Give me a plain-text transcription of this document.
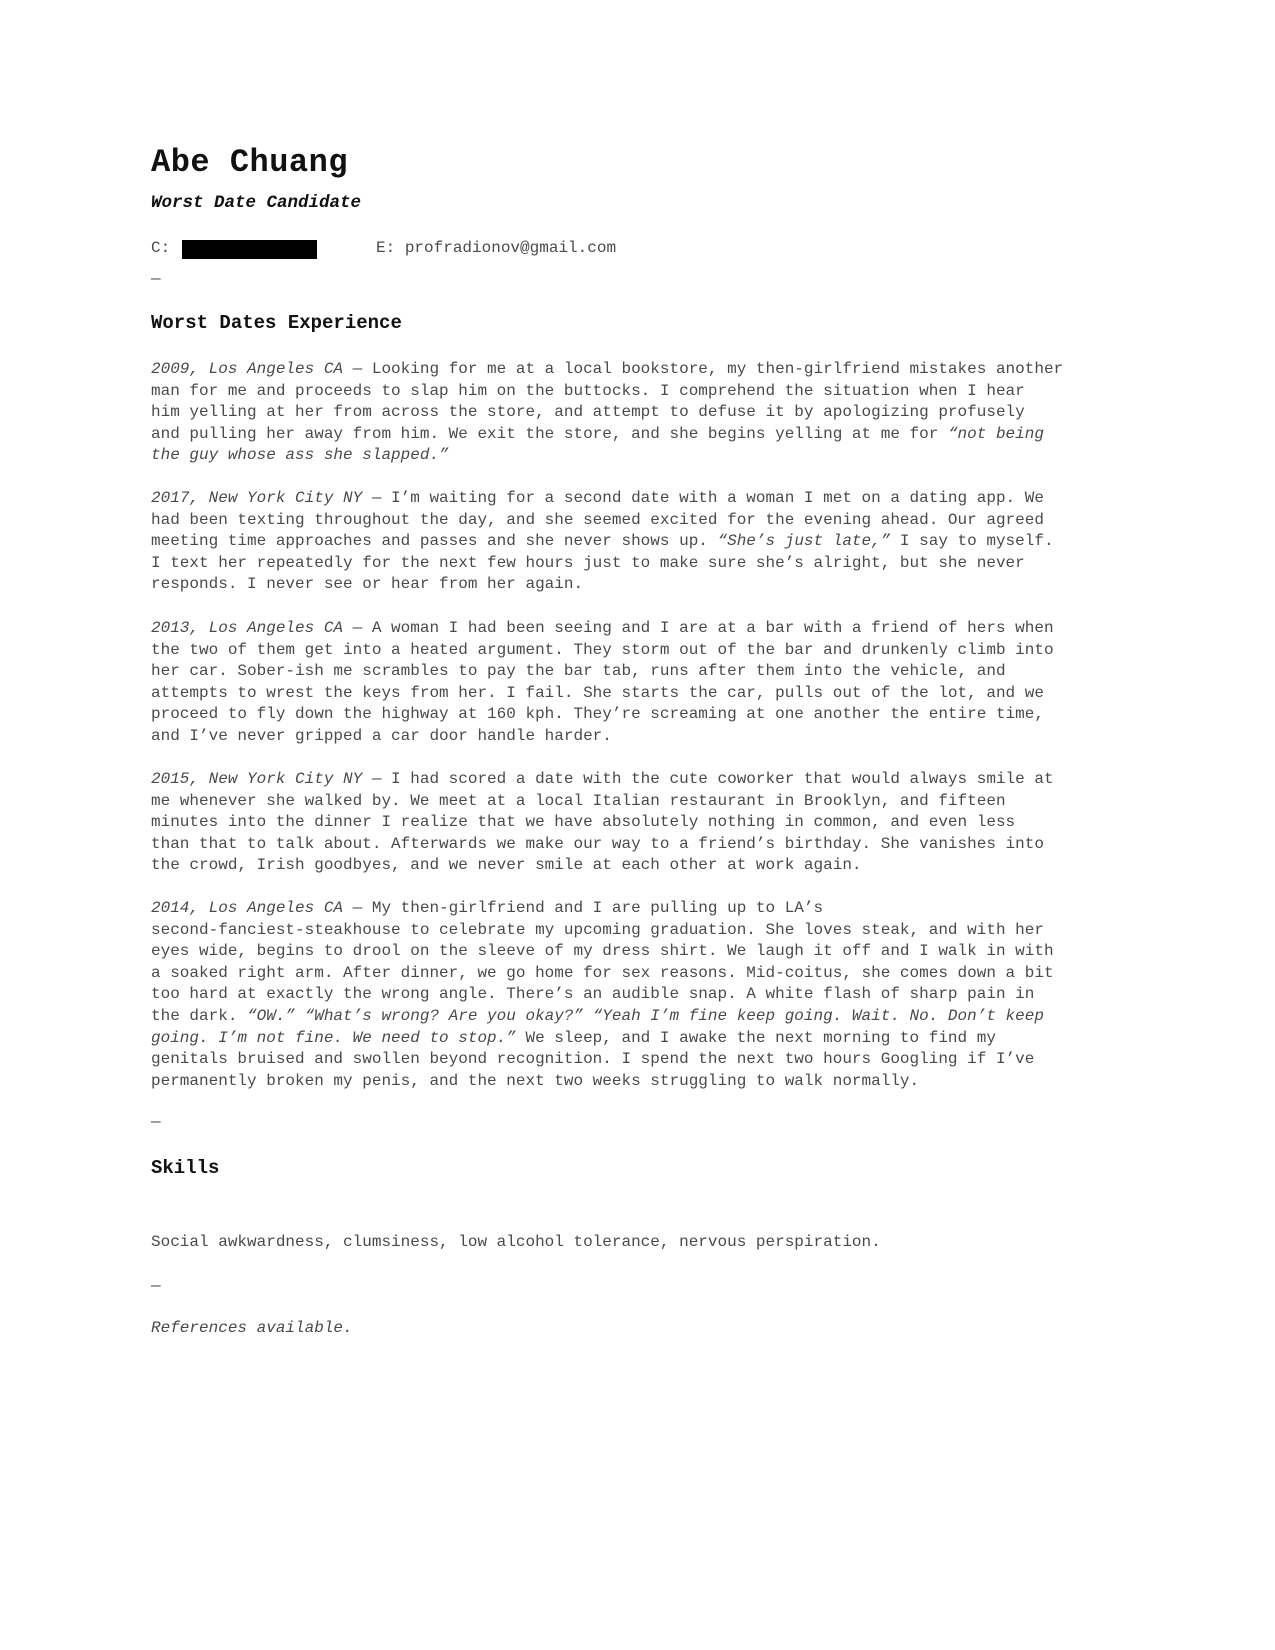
Abe Chuang
Worst Date Candidate
C:	E: profradionov@gmail.com
—
Worst Dates Experience

2009, Los Angeles CA — Looking for me at a local bookstore, my then-girlfriend mistakes another
man for me and proceeds to slap him on the buttocks. I comprehend the situation when I hear
him yelling at her from across the store, and attempt to defuse it by apologizing profusely
and pulling her away from him. We exit the store, and she begins yelling at me for “not being
the guy whose ass she slapped.”

2017, New York City NY — I’m waiting for a second date with a woman I met on a dating app. We
had been texting throughout the day, and she seemed excited for the evening ahead. Our agreed
meeting time approaches and passes and she never shows up. “She’s just late,” I say to myself.
I text her repeatedly for the next few hours just to make sure she’s alright, but she never
responds. I never see or hear from her again.

2013, Los Angeles CA — A woman I had been seeing and I are at a bar with a friend of hers when
the two of them get into a heated argument. They storm out of the bar and drunkenly climb into
her car. Sober-ish me scrambles to pay the bar tab, runs after them into the vehicle, and
attempts to wrest the keys from her. I fail. She starts the car, pulls out of the lot, and we
proceed to fly down the highway at 160 kph. They’re screaming at one another the entire time,
and I’ve never gripped a car door handle harder.

2015, New York City NY — I had scored a date with the cute coworker that would always smile at
me whenever she walked by. We meet at a local Italian restaurant in Brooklyn, and fifteen
minutes into the dinner I realize that we have absolutely nothing in common, and even less
than that to talk about. Afterwards we make our way to a friend’s birthday. She vanishes into
the crowd, Irish goodbyes, and we never smile at each other at work again.

2014, Los Angeles CA — My then-girlfriend and I are pulling up to LA’s
second-fanciest-steakhouse to celebrate my upcoming graduation. She loves steak, and with her
eyes wide, begins to drool on the sleeve of my dress shirt. We laugh it off and I walk in with
a soaked right arm. After dinner, we go home for sex reasons. Mid-coitus, she comes down a bit
too hard at exactly the wrong angle. There’s an audible snap. A white flash of sharp pain in
the dark. “OW.” “What’s wrong? Are you okay?” “Yeah I’m fine keep going. Wait. No. Don’t keep
going. I’m not fine. We need to stop.” We sleep, and I awake the next morning to find my
genitals bruised and swollen beyond recognition. I spend the next two hours Googling if I’ve
permanently broken my penis, and the next two weeks struggling to walk normally.

—
Skills
Social awkwardness, clumsiness, low alcohol tolerance, nervous perspiration.
—
References available.
